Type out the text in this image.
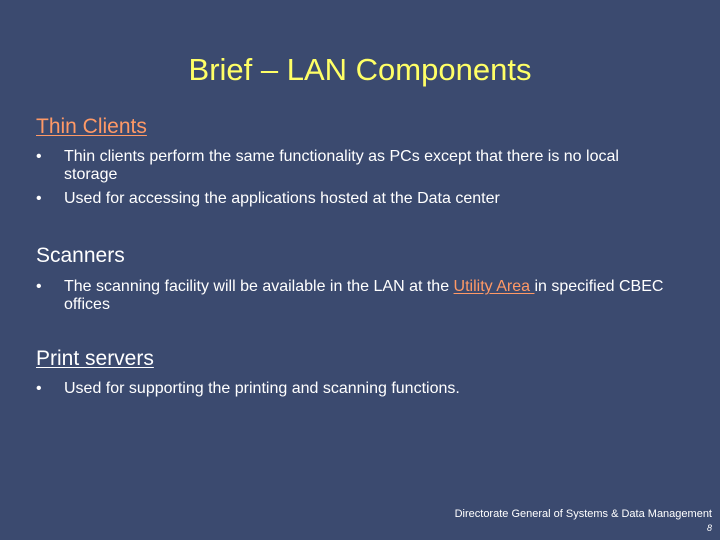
Brief – LAN Components
Thin Clients
• Thin clients perform the same functionality as PCs except that there is no local storage
• Used for accessing the applications hosted at the Data center
Scanners
• The scanning facility will be available in the LAN at the Utility Area in specified CBEC offices
Print servers
• Used for supporting the printing and scanning functions.
Directorate General of Systems & Data Management
8
